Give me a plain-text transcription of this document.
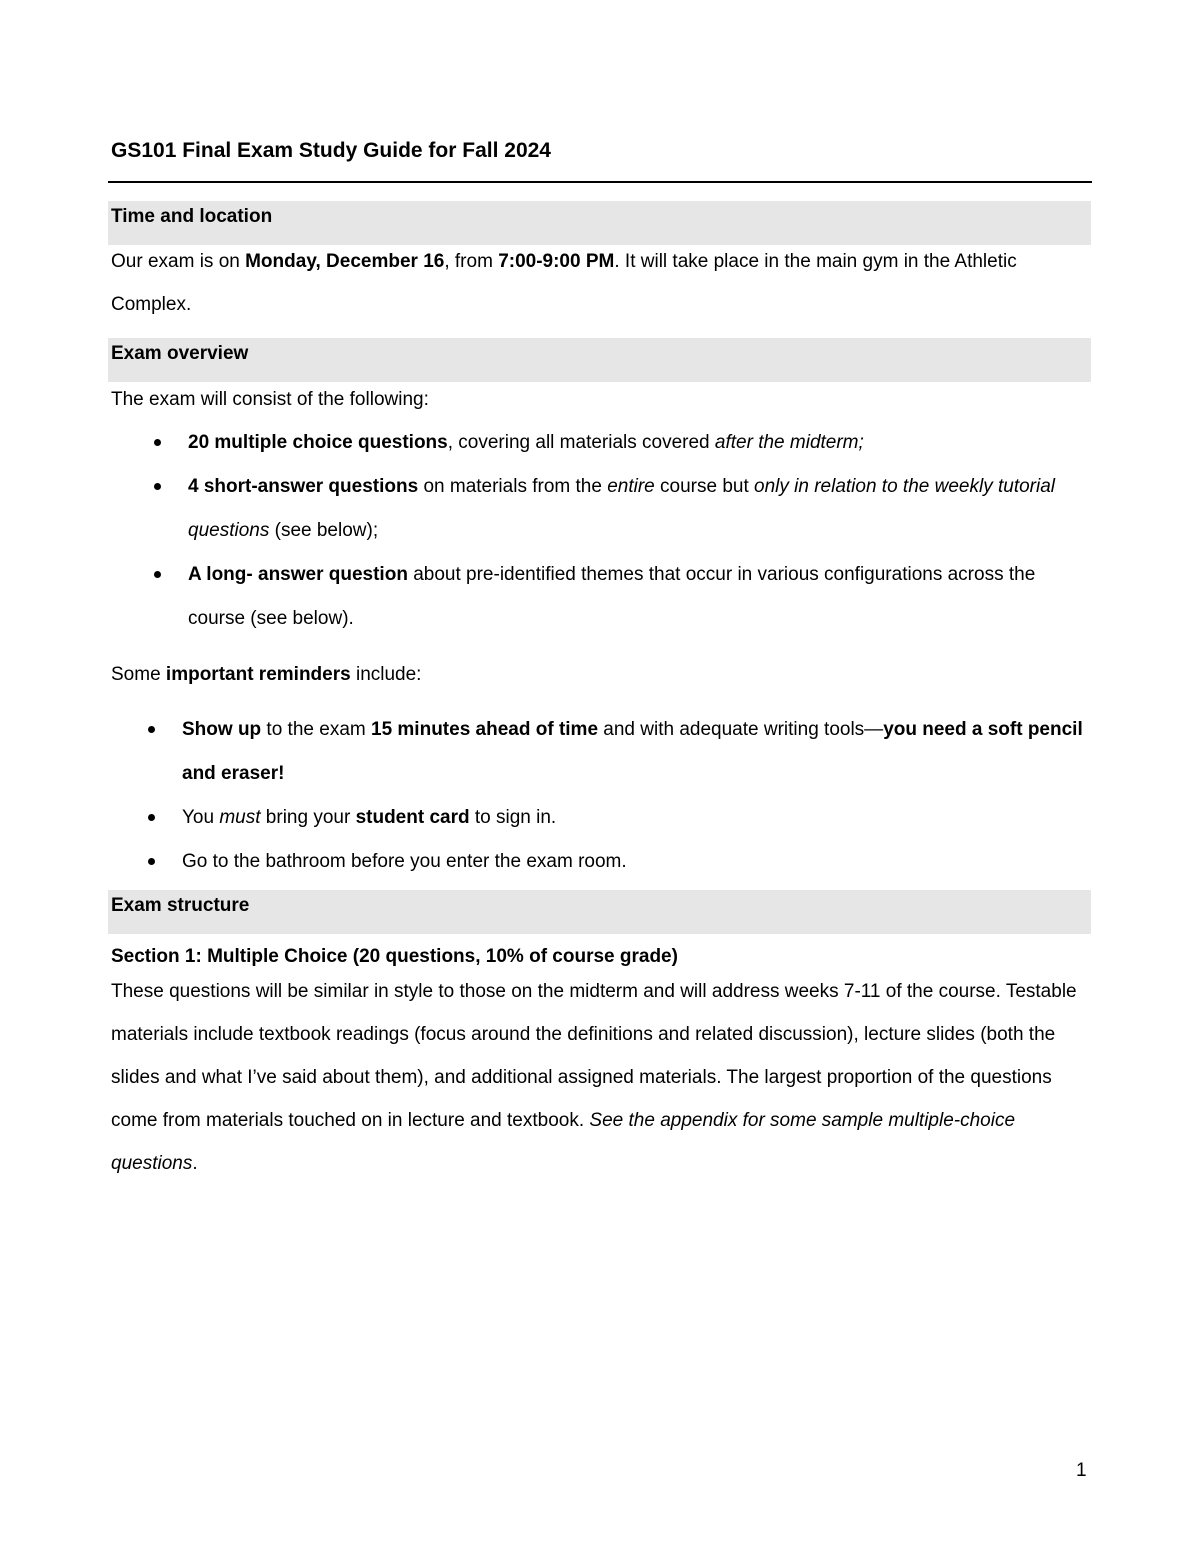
GS101 Final Exam Study Guide for Fall 2024
Time and location

Our exam is on Monday, December 16, from 7:00-9:00 PM. It will take place in the main gym in the Athletic Complex.

Exam overview

The exam will consist of the following:

20 multiple choice questions, covering all materials covered after the midterm;
4 short-answer questions on materials from the entire course but only in relation to the weekly tutorial questions (see below);
A long- answer question about pre-identified themes that occur in various configurations across the course (see below).

Some important reminders include:

Show up to the exam 15 minutes ahead of time and with adequate writing tools—you need a soft pencil and eraser!
You must bring your student card to sign in.
Go to the bathroom before you enter the exam room.
Exam structure

Section 1: Multiple Choice (20 questions, 10% of course grade)

These questions will be similar in style to those on the midterm and will address weeks 7-11 of the course. Testable materials include textbook readings (focus around the definitions and related discussion), lecture slides (both the slides and what I’ve said about them), and additional assigned materials. The largest proportion of the questions come from materials touched on in lecture and textbook. See the appendix for some sample multiple-choice questions.

1
